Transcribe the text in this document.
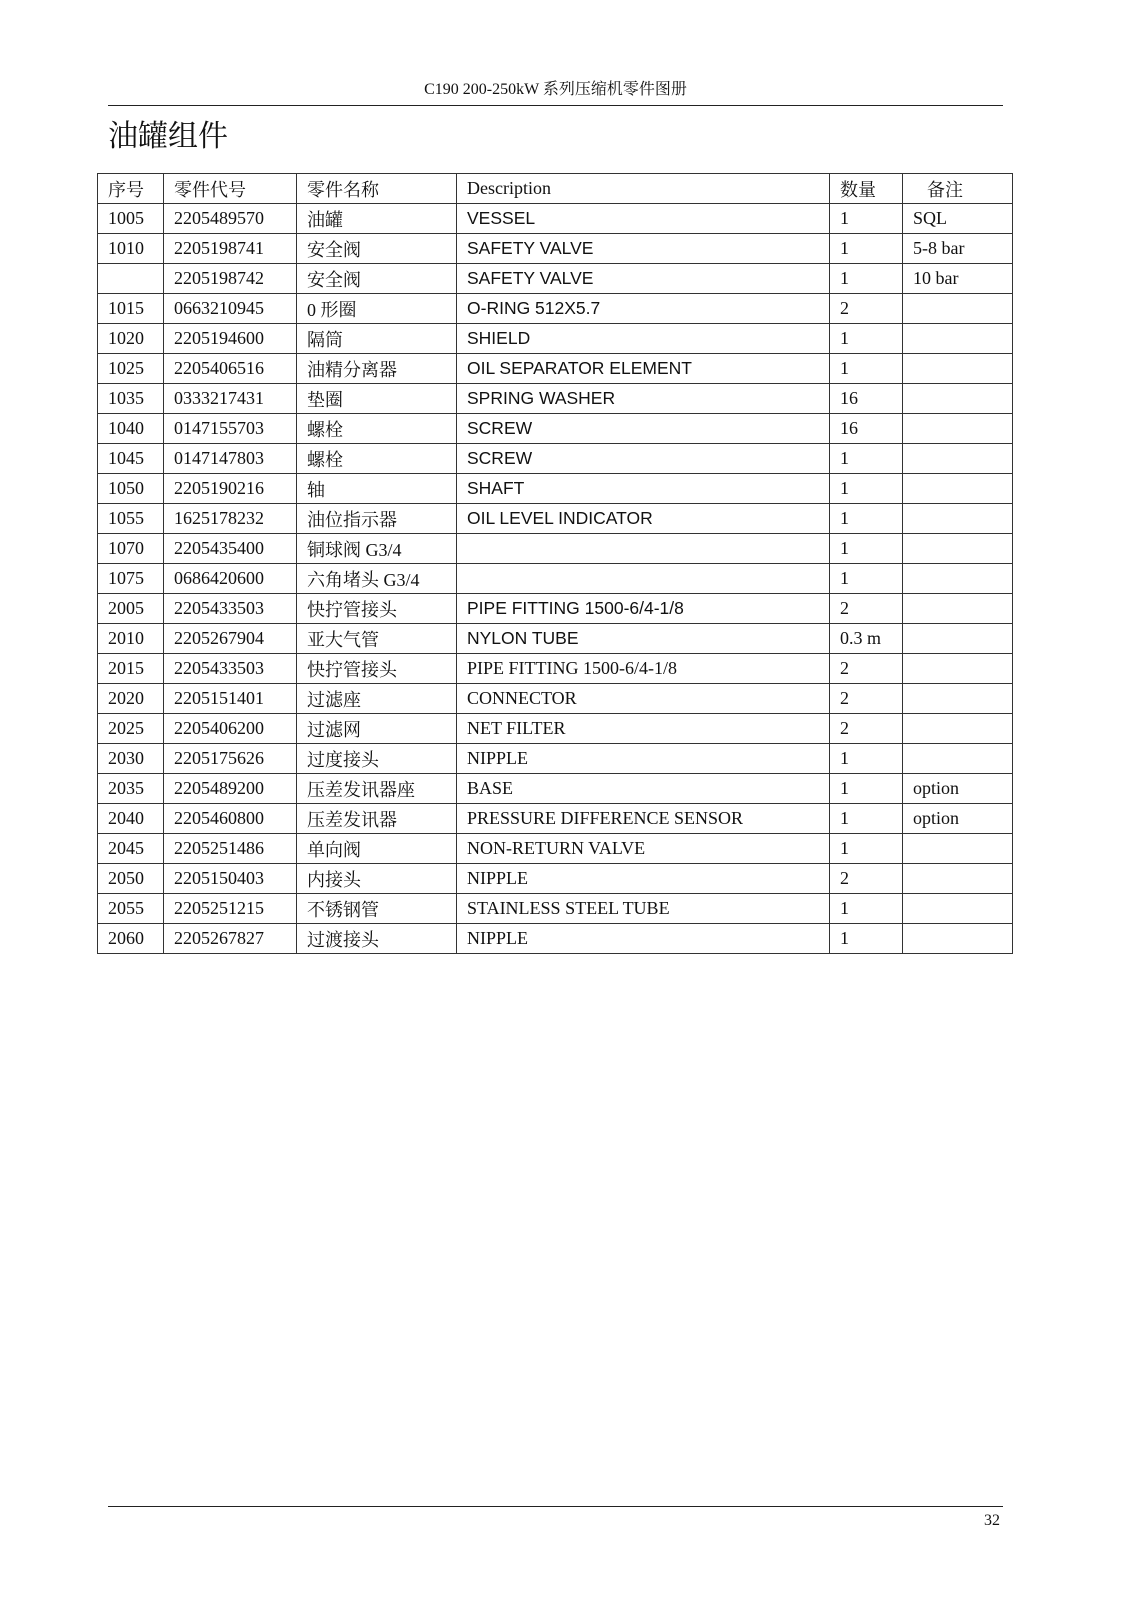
C190 200-250kW 系列压缩机零件图册
油罐组件
序号	零件代号	零件名称	Description	数量	备注
1005	2205489570	油罐	VESSEL	1	SQL
1010	2205198741	安全阀	SAFETY VALVE	1	5-8 bar
	2205198742	安全阀	SAFETY VALVE	1	10 bar
1015	0663210945	0 形圈	O-RING 512X5.7	2	
1020	2205194600	隔筒	SHIELD	1	
1025	2205406516	油精分离器	OIL SEPARATOR ELEMENT	1	
1035	0333217431	垫圈	SPRING WASHER	16	
1040	0147155703	螺栓	SCREW	16	
1045	0147147803	螺栓	SCREW	1	
1050	2205190216	轴	SHAFT	1	
1055	1625178232	油位指示器	OIL LEVEL INDICATOR	1	
1070	2205435400	铜球阀 G3/4		1	
1075	0686420600	六角堵头 G3/4		1	
2005	2205433503	快拧管接头	PIPE FITTING 1500-6/4-1/8	2	
2010	2205267904	亚大气管	NYLON TUBE	0.3 m	
2015	2205433503	快拧管接头	PIPE FITTING 1500-6/4-1/8	2	
2020	2205151401	过滤座	CONNECTOR	2	
2025	2205406200	过滤网	NET FILTER	2	
2030	2205175626	过度接头	NIPPLE	1	
2035	2205489200	压差发讯器座	BASE	1	option
2040	2205460800	压差发讯器	PRESSURE DIFFERENCE SENSOR	1	option
2045	2205251486	单向阀	NON-RETURN VALVE	1	
2050	2205150403	内接头	NIPPLE	2	
2055	2205251215	不锈钢管	STAINLESS STEEL TUBE	1	
2060	2205267827	过渡接头	NIPPLE	1	
32
